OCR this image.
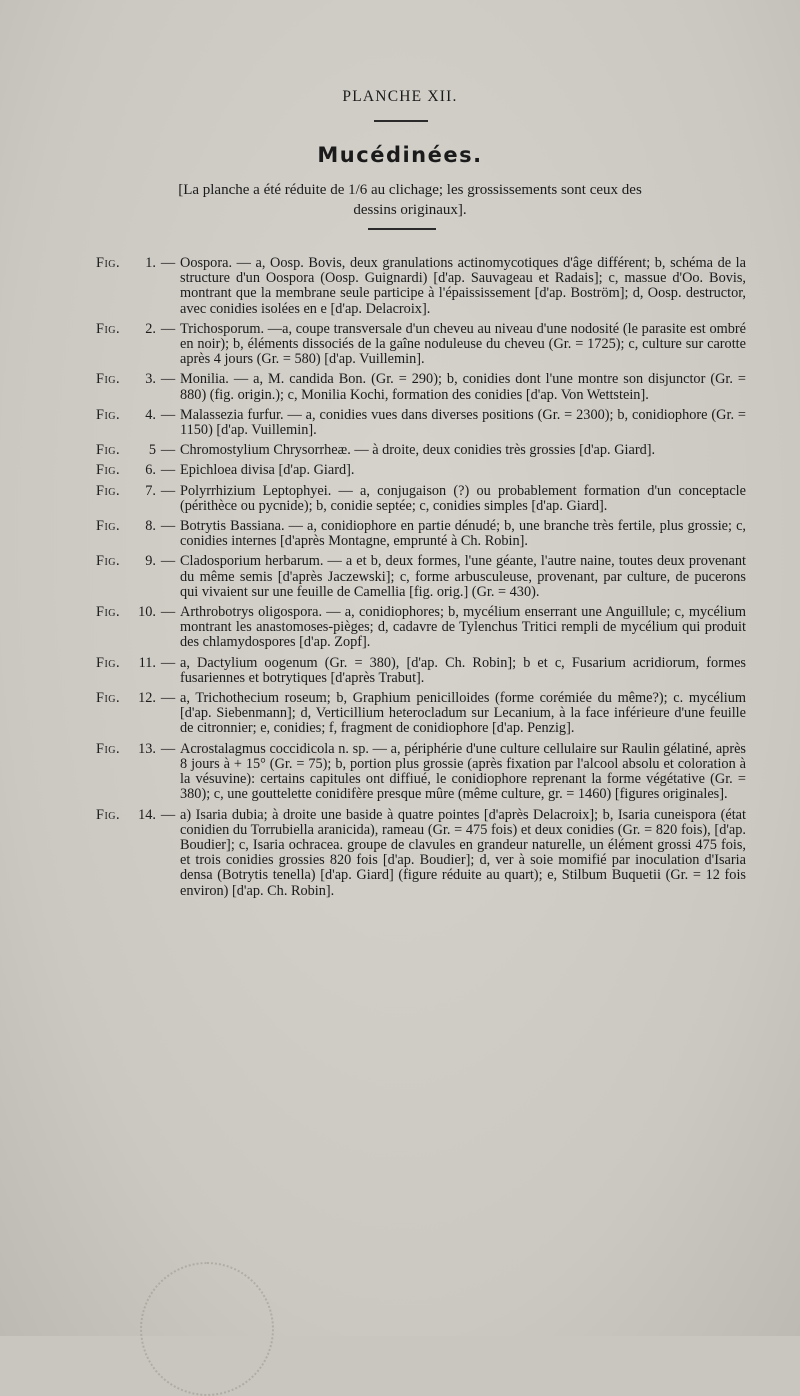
PLANCHE XII.
Mucédinées.
[La planche a été réduite de 1/6 au clichage; les grossissements sont ceux des dessins originaux].
Fig.	1. — Oospora. — a, Oosp. Bovis, deux granulations actinomycotiques d'âge différent; b, schéma de la structure d'un Oospora (Oosp. Guignardi) [d'ap. Sauvageau et Radais]; c, massue d'Oo. Bovis, montrant que la membrane seule participe à l'épaississement [d'ap. Boström]; d, Oosp. destructor, avec conidies isolées en e [d'ap. Delacroix].
Fig.	2. — Trichosporum. —a, coupe transversale d'un cheveu au niveau d'une nodosité (le parasite est ombré en noir); b, éléments dissociés de la gaîne noduleuse du cheveu (Gr. = 1725); c, culture sur carotte après 4 jours (Gr. = 580) [d'ap. Vuillemin].
Fig.	3. — Monilia. — a, M. candida Bon. (Gr. = 290); b, conidies dont l'une montre son disjunctor (Gr. = 880) (fig. origin.); c, Monilia Kochi, formation des conidies [d'ap. Von Wettstein].
Fig.	4. — Malassezia furfur. — a, conidies vues dans diverses positions (Gr. = 2300); b, conidiophore (Gr. = 1150) [d'ap. Vuillemin].
Fig.	5 — Chromostylium Chrysorrheæ. — à droite, deux conidies très grossies [d'ap. Giard].
Fig.	6. — Epichloea divisa [d'ap. Giard].
Fig.	7. — Polyrrhizium Leptophyei. — a, conjugaison (?) ou probablement formation d'un conceptacle (périthèce ou pycnide); b, conidie septée; c, conidies simples [d'ap. Giard].
Fig.	8. — Botrytis Bassiana. — a, conidiophore en partie dénudé; b, une branche très fertile, plus grossie; c, conidies internes [d'après Montagne, emprunté à Ch. Robin].
Fig.	9. — Cladosporium herbarum. — a et b, deux formes, l'une géante, l'autre naine, toutes deux provenant du même semis [d'après Jaczewski]; c, forme arbusculeuse, provenant, par culture, de pucerons qui vivaient sur une feuille de Camellia [fig. orig.] (Gr. = 430).
Fig.	10. — Arthrobotrys oligospora. — a, conidiophores; b, mycélium enserrant une Anguillule; c, mycélium montrant les anastomoses-pièges; d, cadavre de Tylenchus Tritici rempli de mycélium qui produit des chlamydospores [d'ap. Zopf].
Fig.	11. — a, Dactylium oogenum (Gr. = 380), [d'ap. Ch. Robin]; b et c, Fusarium acridiorum, formes fusariennes et botrytiques [d'après Trabut].
Fig.	12. — a, Trichothecium roseum; b, Graphium penicilloides (forme corémiée du même?); c. mycélium [d'ap. Siebenmann]; d, Verticillium heterocladum sur Lecanium, à la face inférieure d'une feuille de citronnier; e, conidies; f, fragment de conidiophore [d'ap. Penzig].
Fig.	13. — Acrostalagmus coccidicola n. sp. — a, périphérie d'une culture cellulaire sur Raulin gélatiné, après 8 jours à + 15° (Gr. = 75); b, portion plus grossie (après fixation par l'alcool absolu et coloration à la vésuvine): certains capitules ont diffiué, le conidiophore reprenant la forme végétative (Gr. = 380); c, une gouttelette conidifère presque mûre (même culture, gr. = 1460) [figures originales].
Fig.	14. — a) Isaria dubia; à droite une baside à quatre pointes [d'après Delacroix]; b, Isaria cuneispora (état conidien du Torrubiella aranicida), rameau (Gr. = 475 fois) et deux conidies (Gr. = 820 fois), [d'ap. Boudier]; c, Isaria ochracea. groupe de clavules en grandeur naturelle, un élément grossi 475 fois, et trois conidies grossies 820 fois [d'ap. Boudier]; d, ver à soie momifié par inoculation d'Isaria densa (Botrytis tenella) [d'ap. Giard] (figure réduite au quart); e, Stilbum Buquetii (Gr. = 12 fois environ) [d'ap. Ch. Robin].
